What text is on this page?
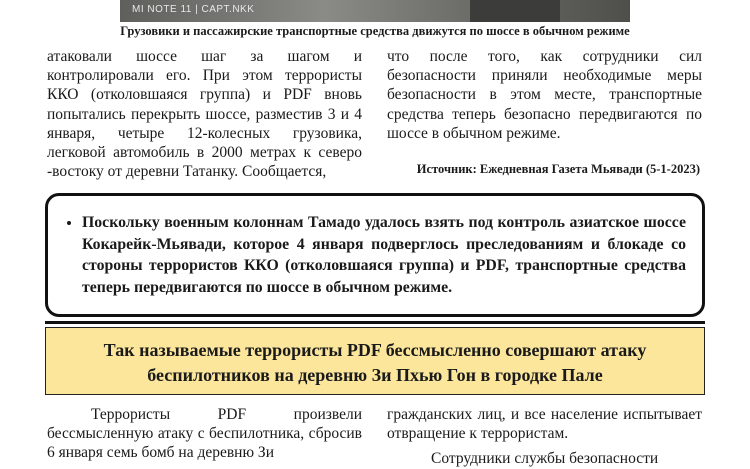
MI NOTE 11 | CAPT.NKK
Грузовики и пассажирские транспортные средства движутся по шоссе в обычном режиме
атаковали шоссе шаг за шагом и контролировали его. При этом террористы ККО (отколовшаяся группа) и PDF вновь попытались перекрыть шоссе, разместив 3 и 4 января, четыре 12-колесных грузовика, легковой автомобиль в 2000 метрах к северо -востоку от деревни Татанку. Сообщается,
что после того, как сотрудники сил безопасности приняли необходимые меры безопасности в этом месте, транспортные средства теперь безопасно передвигаются по шоссе в обычном режиме.
Источник: Ежедневная Газета Мьявади (5-1-2023)
• Поскольку военным колоннам Тамадо удалось взять под контроль азиатское шоссе Кокарейк-Мьявади, которое 4 января подверглось преследованиям и блокаде со стороны террористов ККО (отколовшаяся группа) и PDF, транспортные средства теперь передвигаются по шоссе в обычном режиме.
Так называемые террористы PDF бессмысленно совершают атаку
беспилотников на деревню Зи Пхью Гон в городке Пале
Террористы PDF произвели бессмысленную атаку с беспилотника, сбросив 6 января семь бомб на деревню Зи
гражданских лиц, и все население испытывает отвращение к террористам.
Сотрудники службы безопасности
